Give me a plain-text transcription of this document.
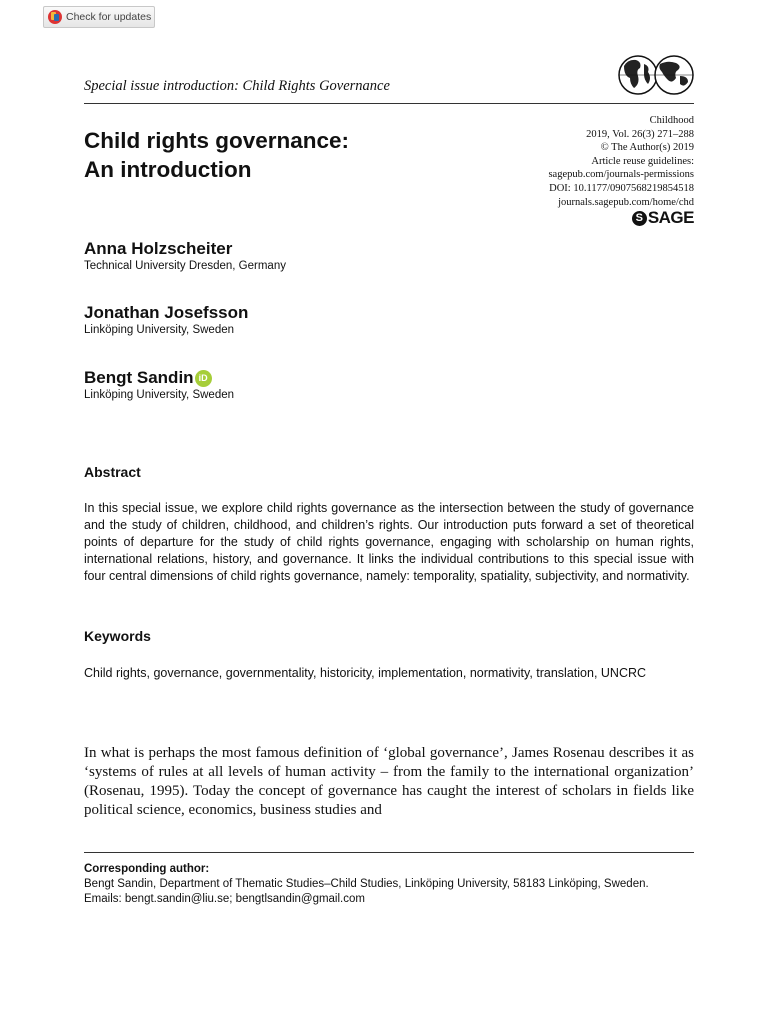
Check for updates
Special issue introduction: Child Rights Governance
Childhood
2019, Vol. 26(3) 271–288
© The Author(s) 2019
Article reuse guidelines:
sagepub.com/journals-permissions
DOI: 10.1177/0907568219854518
journals.sagepub.com/home/chd
S SAGE
Child rights governance:
An introduction
Anna Holzscheiter
Technical University Dresden, Germany
Jonathan Josefsson
Linköping University, Sweden
Bengt Sandin iD
Linköping University, Sweden
Abstract
In this special issue, we explore child rights governance as the intersection between the study of governance and the study of children, childhood, and children’s rights. Our introduction puts forward a set of theoretical points of departure for the study of child rights governance, engaging with scholarship on human rights, international relations, history, and governance. It links the individual contributions to this special issue with four central dimensions of child rights governance, namely: temporality, spatiality, subjectivity, and normativity.
Keywords
Child rights, governance, governmentality, historicity, implementation, normativity, translation, UNCRC
In what is perhaps the most famous definition of ‘global governance’, James Rosenau describes it as ‘systems of rules at all levels of human activity – from the family to the international organization’ (Rosenau, 1995). Today the concept of governance has caught the interest of scholars in fields like political science, economics, business studies and
Corresponding author:
Bengt Sandin, Department of Thematic Studies–Child Studies, Linköping University, 58183 Linköping, Sweden.
Emails: bengt.sandin@liu.se; bengtlsandin@gmail.com
